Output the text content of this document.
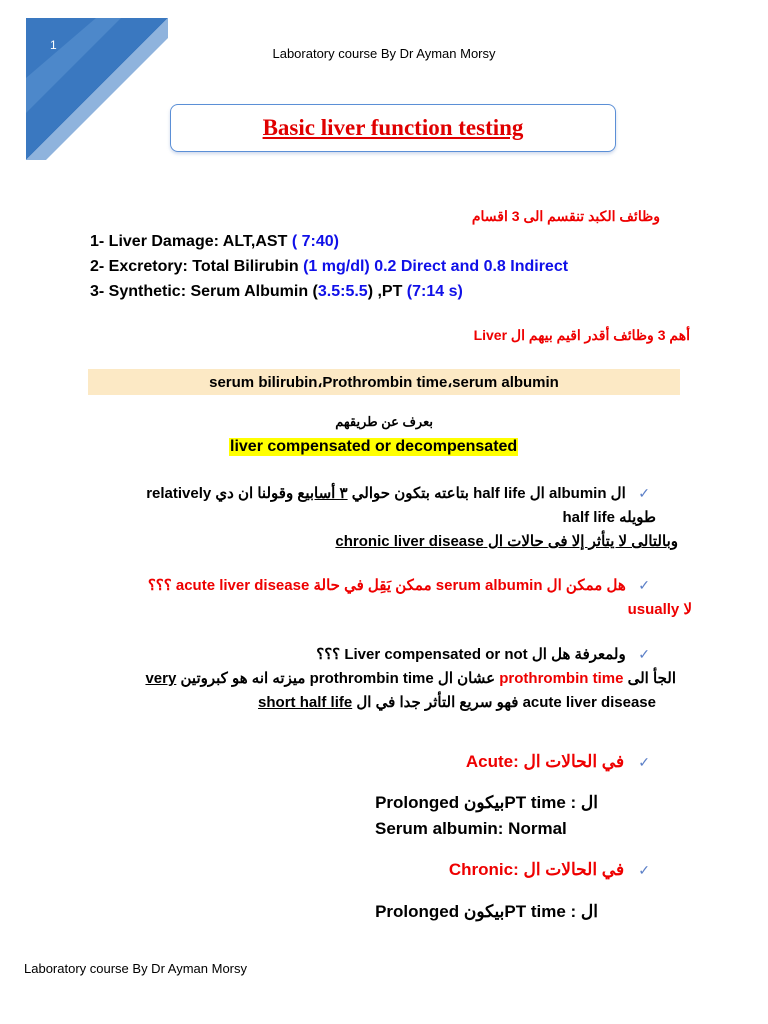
1
Laboratory course By Dr Ayman Morsy
Basic liver function testing
وظائف الكبد تنقسم الى 3 اقسام
1- Liver Damage: ALT,AST ( 7:40)
2- Excretory: Total Bilirubin (1 mg/dl) 0.2 Direct and 0.8 Indirect
3- Synthetic: Serum Albumin (3.5:5.5) ,PT (7:14 s)
أهم 3 وظائف أقدر اقيم بيهم ال Liver
serum bilirubin،Prothrombin time،serum albumin
بعرف عن طريقهم
liver compensated or decompensated
✓   ال albumin ال half life بتاعته بتكون حوالي ٣ أسابيع وقولنا ان دي relatively
half life طويله
وبالتالى لا يتأثر إلا فى حالات ال chronic liver disease
✓   هل ممكن ال serum albumin ممكن يَقِل في حالة acute liver disease ؟؟؟
usually لا
✓   ولمعرفة هل ال Liver compensated or not ؟؟؟
الجأ الى prothrombin time عشان ال prothrombin time ميزته انه هو كبروتين very
short half life فهو سريع التأثر جدا في ال acute liver disease
✓   في الحالات ال :Acute
ال : PT timeبيكون Prolonged
Serum albumin: Normal
✓   في الحالات ال :Chronic
ال : PT timeبيكون Prolonged
Laboratory course By Dr Ayman Morsy
